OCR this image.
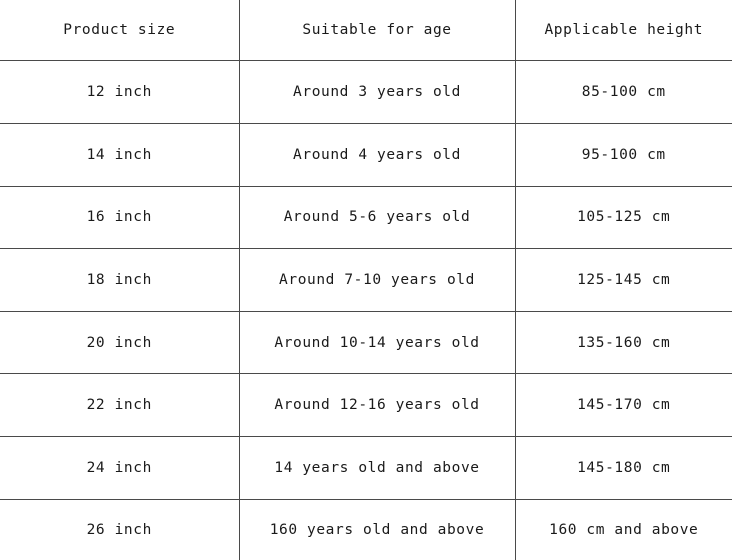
Product size	Suitable for age	Applicable height
12 inch	Around 3 years old	85-100 cm
14 inch	Around 4 years old	95-100 cm
16 inch	Around 5-6 years old	105-125 cm
18 inch	Around 7-10 years old	125-145 cm
20 inch	Around 10-14 years old	135-160 cm
22 inch	Around 12-16 years old	145-170 cm
24 inch	14 years old and above	145-180 cm
26 inch	160 years old and above	160 cm and above
